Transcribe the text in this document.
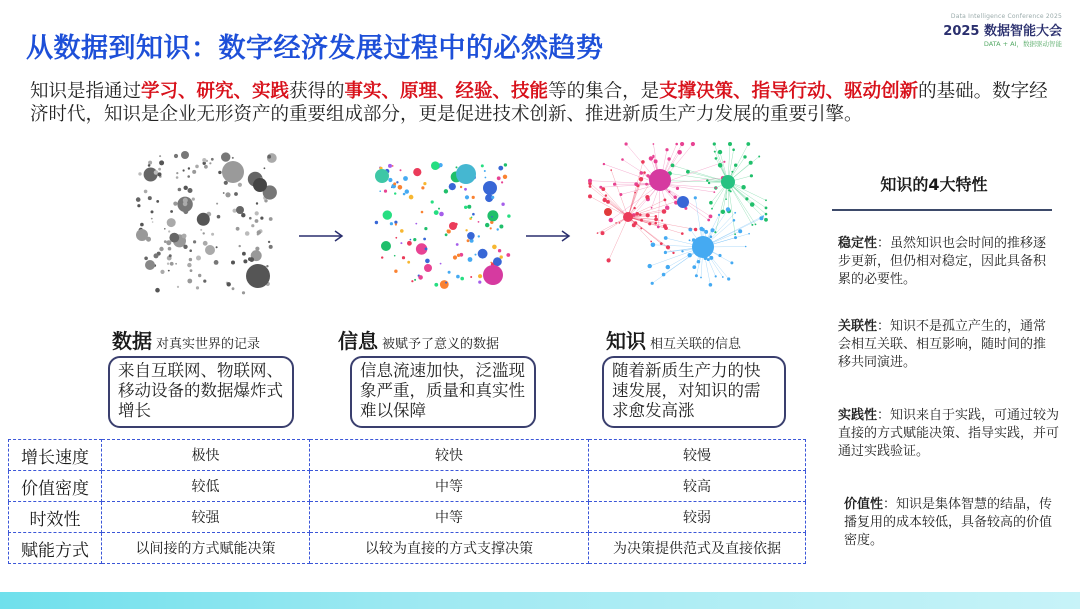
从数据到知识：数字经济发展过程中的必然趋势
Data Intelligence Conference 2025
2025 数据智能大会
DATA + AI，数据驱动智能
知识是指通过学习、研究、实践获得的事实、原理、经验、技能等的集合，是支撑决策、指导行动、驱动创新的基础。数字经济时代，知识是企业无形资产的重要组成部分，更是促进技术创新、推进新质生产力发展的重要引擎。
数据 对真实世界的记录	信息 被赋予了意义的数据	知识 相互关联的信息
来自互联网、物联网、移动设备的数据爆炸式增长
信息流速加快，泛滥现象严重，质量和真实性难以保障
随着新质生产力的快速发展，对知识的需求愈发高涨
增长速度	极快	较快	较慢
价值密度	较低	中等	较高
时效性	较强	中等	较弱
赋能方式	以间接的方式赋能决策	以较为直接的方式支撑决策	为决策提供范式及直接依据
知识的4大特性
稳定性：虽然知识也会时间的推移逐步更新，但仍相对稳定，因此具备积累的必要性。
关联性：知识不是孤立产生的，通常会相互关联、相互影响，随时间的推移共同演进。
实践性：知识来自于实践，可通过较为直接的方式赋能决策、指导实践，并可通过实践验证。
价值性：知识是集体智慧的结晶，传播复用的成本较低，具备较高的价值密度。
